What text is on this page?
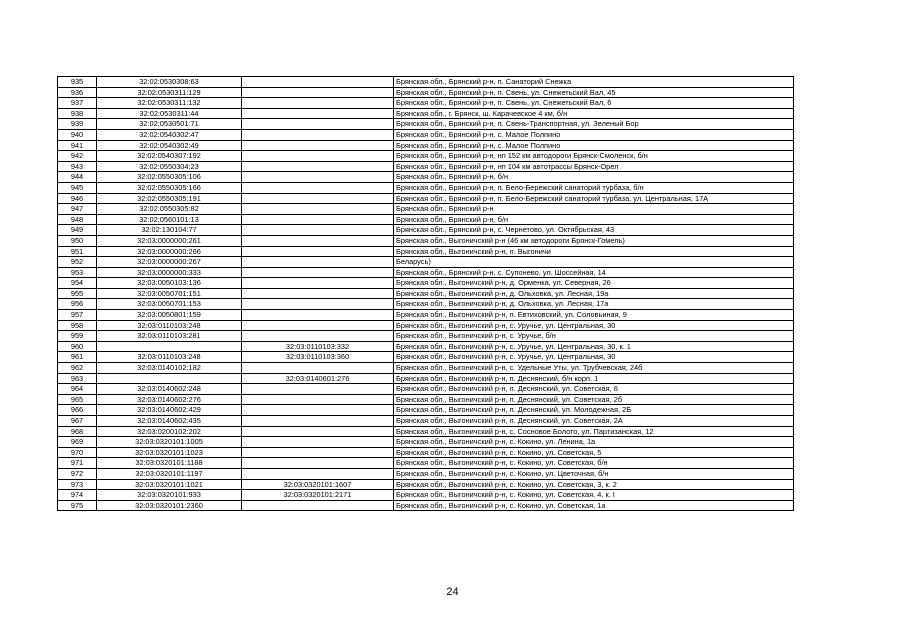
935	32:02:0530308:63		Брянская обл., Брянский р-н, п. Санаторий Снежка
936	32:02:0530311:129		Брянская обл., Брянский р-н, п. Свень, ул. Снежетьский Вал, 45
937	32:02:0530311:132		Брянская обл., Брянский р-н, п. Свень, ул. Снежетьский Вал, 6
938	32:02:0530311:44		Брянская обл., г. Брянск, ш. Карачевское 4 км, б/н
939	32:02:0530501:71		Брянская обл., Брянский р-н, п. Свень-Транспортная, ул. Зеленый Бор
940	32:02:0540302:47		Брянская обл., Брянский р-н, с. Малое Полпино
941	32:02:0540302:49		Брянская обл., Брянский р-н, с. Малое Полпино
942	32:02:0540307:192		Брянская обл., Брянский р-н, нп 152 км автодороги Брянск-Смоленск, б/н
943	32:02:0550304:23		Брянская обл., Брянский р-н, нп 104 км автотрассы Брянск-Орел
944	32:02:0550305:106		Брянская обл., Брянский р-н, б/н
945	32:02:0550305:166		Брянская обл., Брянский р-н, п. Бело-Бережский санаторий турбаза, б/н
946	32:02:0550305:191		Брянская обл., Брянский р-н, п. Бело-Бережский санаторий турбаза, ул. Центральная, 17А
947	32:02:0550305:82		Брянская обл., Брянский р-н
948	32:02:0560101:13		Брянская обл., Брянский р-н, б/н
949	32:02:130104:77		Брянская обл., Брянский р-н, с. Чернетово, ул. Октябрьская, 43
950	32:03:0000000:261		Брянская обл., Выгоничский р-н (46 км автодороги Брянск-Гомель)
951	32:03:0000000:266		Брянская обл., Выгоничский р-н, п. Выгоничи
952	32:03:0000000:267		Беларусь)
953	32:03:0000000:333		Брянская обл., Брянский р-н, с. Супонево, ул. Шоссейная, 14
954	32:03:0050103:136		Брянская обл., Выгоничский р-н, д. Орменка, ул. Северная, 26
955	32:03:0050701:151		Брянская обл., Выгоничский р-н, д. Ольховка, ул. Лесная, 19а
956	32:03:0050701:153		Брянская обл., Выгоничский р-н, д. Ольховка, ул. Лесная, 17а
957	32:03:0050801:159		Брянская обл., Выгоничский р-н, п. Евтиховский, ул. Соловьиная, 9
958	32:03:0110103:248		Брянская обл., Выгоничский р-н, с. Уручье, ул. Центральная, 30
959	32:03:0110103:281		Брянская обл., Выгоничский р-н, с. Уручье, б/н
960		32:03:0110103:332	Брянская обл., Выгоничский р-н, с. Уручье, ул. Центральная, 30, к. 1
961	32:03:0110103:248	32:03:0110103:360	Брянская обл., Выгоничский р-н, с. Уручье, ул. Центральная, 30
962	32:03:0140102:182		Брянская обл., Выгоничский р-н, с. Удельные Уты, ул. Трубчевская, 24б
963		32:03:0140601:276	Брянская обл., Выгоничский р-н, п. Деснянский, б/н корп. 1
964	32:03:0140602:248		Брянская обл., Выгоничский р-н, п. Деснянский, ул. Советская, 6
965	32:03:0140602:276		Брянская обл., Выгоничский р-н, п. Деснянский, ул. Советская, 2б
966	32:03:0140602:429		Брянская обл., Выгоничский р-н, п. Деснянский, ул. Молодежная, 2Б
967	32:03:0140602:435		Брянская обл., Выгоничский р-н, п. Деснянский, ул. Советская, 2А
968	32:03:0200102:202		Брянская обл., Выгоничский р-н, с. Сосновое Болото, ул. Партизанская, 12
969	32:03:0320101:1005		Брянская обл., Выгоничский р-н, с. Кокино, ул. Ленина, 1а
970	32:03:0320101:1023		Брянская обл., Выгоничский р-н, с. Кокино, ул. Советская, 5
971	32:03:0320101:1188		Брянская обл., Выгоничский р-н, с. Кокино, ул. Советская, б/н
972	32:03:0320101:1197		Брянская обл., Выгоничский р-н, с. Кокино, ул. Цветочная, б/н
973	32:03:0320101:1021	32:03:0320101:1607	Брянская обл., Выгоничский р-н, с. Кокино, ул. Советская, 3, к. 2
974	32:03:0320101:933	32:03:0320101:2171	Брянская обл., Выгоничский р-н, с. Кокино, ул. Советская, 4, к. I
975	32:03:0320101:2360		Брянская обл., Выгоничский р-н, с. Кокино, ул. Советская, 1а
24
